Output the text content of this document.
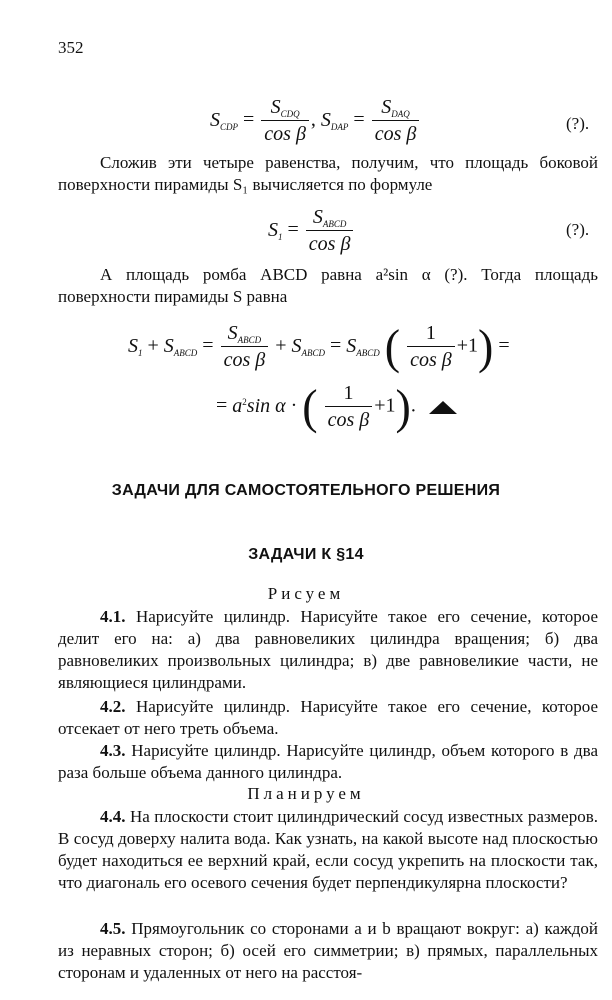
352
$S_{CDP} = \frac{S_{CDQ}}{\text{cos β}}$ , $S_{DAP} = \frac{S_{DAQ}}{\text{cos β}}$	(?).
Сложив эти четыре равенства, получим, что площадь боковой поверхности пирамиды S₁ вычисляется по формуле
$S_1 = \frac{S_{ABCD}}{\text{cos β}}$	(?).
А площадь ромба ABCD равна a²sin α (?). Тогда площадь поверхности пирамиды S равна
$S_1 + S_{ABCD} = \frac{S_{ABCD}}{\text{cos β}} + S_{ABCD} = S_{ABCD}$ ( $\frac{1}{\text{cos β}} +1$) =
= $a^2\sin$ α · ( $\frac{1}{\text{cos β}} +1$).
ЗАДАЧИ ДЛЯ САМОСТОЯТЕЛЬНОГО РЕШЕНИЯ
ЗАДАЧИ К §14
Рисуем
4.1. Нарисуйте цилиндр. Нарисуйте такое его сечение, которое делит его на: а) два равновеликих цилиндра вращения; б) два равновеликих произвольных цилиндра; в) две равновеликие части, не являющиеся цилиндрами.
4.2. Нарисуйте цилиндр. Нарисуйте такое его сечение, которое отсекает от него треть объема.
4.3. Нарисуйте цилиндр. Нарисуйте цилиндр, объем которого в два раза больше объема данного цилиндра.
Планируем
4.4. На плоскости стоит цилиндрический сосуд известных размеров. В сосуд доверху налита вода. Как узнать, на какой высоте над плоскостью будет находиться ее верхний край, если сосуд укрепить на плоскости так, что диагональ его осевого сечения будет перпендикулярна плоскости?
4.5. Прямоугольник со сторонами a и b вращают вокруг: а) каждой из неравных сторон; б) осей его симметрии; в) прямых, параллельных сторонам и удаленных от него на расстоя-
